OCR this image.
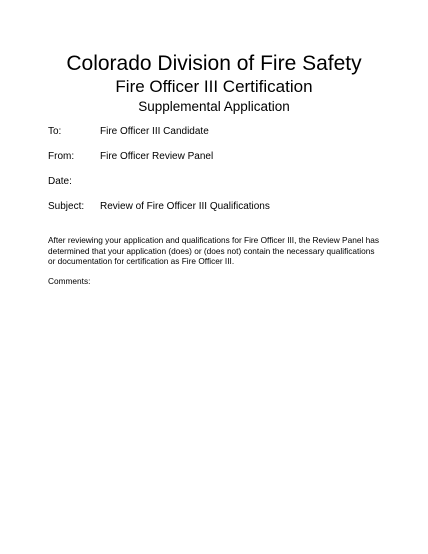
Colorado Division of Fire Safety
Fire Officer III Certification
Supplemental Application
To:	Fire Officer III Candidate
From:	Fire Officer Review Panel
Date:
Subject: Review of Fire Officer III Qualifications

After reviewing your application and qualifications for Fire Officer III, the Review Panel has determined that your application (does) or (does not) contain the necessary qualifications or documentation for certification as Fire Officer III.

Comments:
